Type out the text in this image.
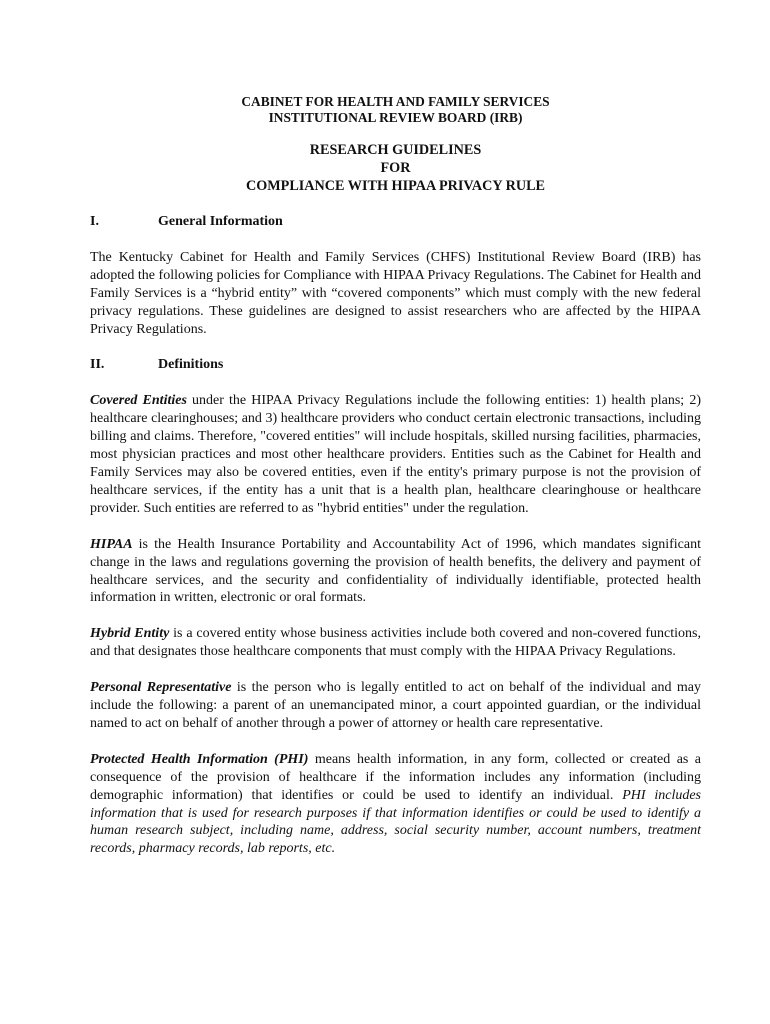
CABINET FOR HEALTH AND FAMILY SERVICES
INSTITUTIONAL REVIEW BOARD (IRB)
RESEARCH GUIDELINES
FOR
COMPLIANCE WITH HIPAA PRIVACY RULE
I.	General Information
The Kentucky Cabinet for Health and Family Services (CHFS) Institutional Review Board (IRB) has adopted the following policies for Compliance with HIPAA Privacy Regulations. The Cabinet for Health and Family Services is a “hybrid entity” with “covered components” which must comply with the new federal privacy regulations. These guidelines are designed to assist researchers who are affected by the HIPAA Privacy Regulations.
II.	Definitions
Covered Entities under the HIPAA Privacy Regulations include the following entities: 1) health plans; 2) healthcare clearinghouses; and 3) healthcare providers who conduct certain electronic transactions, including billing and claims. Therefore, "covered entities" will include hospitals, skilled nursing facilities, pharmacies, most physician practices and most other healthcare providers. Entities such as the Cabinet for Health and Family Services may also be covered entities, even if the entity's primary purpose is not the provision of healthcare services, if the entity has a unit that is a health plan, healthcare clearinghouse or healthcare provider. Such entities are referred to as "hybrid entities" under the regulation.
HIPAA is the Health Insurance Portability and Accountability Act of 1996, which mandates significant change in the laws and regulations governing the provision of health benefits, the delivery and payment of healthcare services, and the security and confidentiality of individually identifiable, protected health information in written, electronic or oral formats.
Hybrid Entity is a covered entity whose business activities include both covered and non-covered functions, and that designates those healthcare components that must comply with the HIPAA Privacy Regulations.
Personal Representative is the person who is legally entitled to act on behalf of the individual and may include the following: a parent of an unemancipated minor, a court appointed guardian, or the individual named to act on behalf of another through a power of attorney or health care representative.
Protected Health Information (PHI) means health information, in any form, collected or created as a consequence of the provision of healthcare if the information includes any information (including demographic information) that identifies or could be used to identify an individual. PHI includes information that is used for research purposes if that information identifies or could be used to identify a human research subject, including name, address, social security number, account numbers, treatment records, pharmacy records, lab reports, etc.
